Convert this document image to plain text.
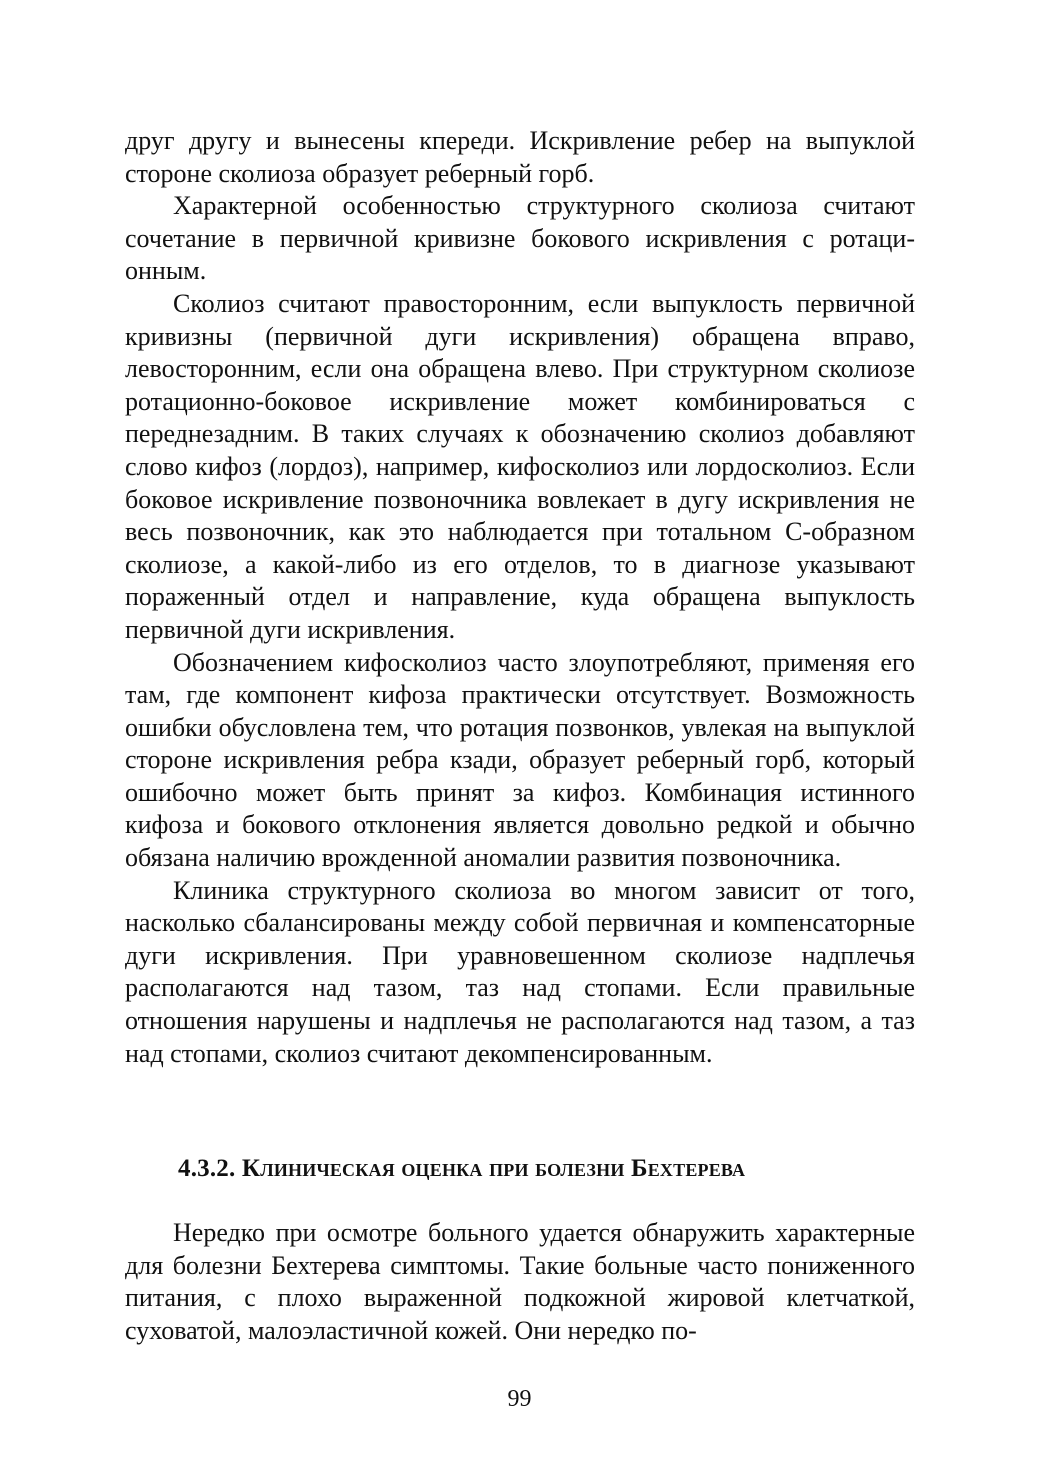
друг другу и вынесены кпереди. Искривление ребер на выпуклой стороне сколиоза образует реберный горб.

Характерной особенностью структурного сколиоза считают сочетание в первичной кривизне бокового искривления с ротационным.

Сколиоз считают правосторонним, если выпуклость первичной кривизны (первичной дуги искривления) обращена вправо, левосторонним, если она обращена влево. При структурном сколиозе ротационно-боковое искривление может комбинироваться с переднезадним. В таких случаях к обозначению сколиоз добавляют слово кифоз (лордоз), например, кифосколиоз или лордосколиоз. Если боковое искривление позвоночника вовлекает в дугу искривления не весь позвоночник, как это наблюдается при тотальном С-образном сколиозе, а какой-либо из его отделов, то в диагнозе указывают пораженный отдел и направление, куда обращена выпуклость первичной дуги искривления.

Обозначением кифосколиоз часто злоупотребляют, применяя его там, где компонент кифоза практически отсутствует. Возможность ошибки обусловлена тем, что ротация позвонков, увлекая на выпуклой стороне искривления ребра кзади, образует реберный горб, который ошибочно может быть принят за кифоз. Комбинация истинного кифоза и бокового отклонения является довольно редкой и обычно обязана наличию врожденной аномалии развития позвоночника.

Клиника структурного сколиоза во многом зависит от того, насколько сбалансированы между собой первичная и компенсаторные дуги искривления. При уравновешенном сколиозе надплечья располагаются над тазом, таз над стопами. Если правильные отношения нарушены и надплечья не располагаются над тазом, а таз над стопами, сколиоз считают декомпенсированным.

4.3.2. Клиническая оценка при болезни Бехтерева

Нередко при осмотре больного удается обнаружить характерные для болезни Бехтерева симптомы. Такие больные часто пониженного питания, с плохо выраженной подкожной жировой клетчаткой, суховатой, малоэластичной кожей. Они нередко по-

99
